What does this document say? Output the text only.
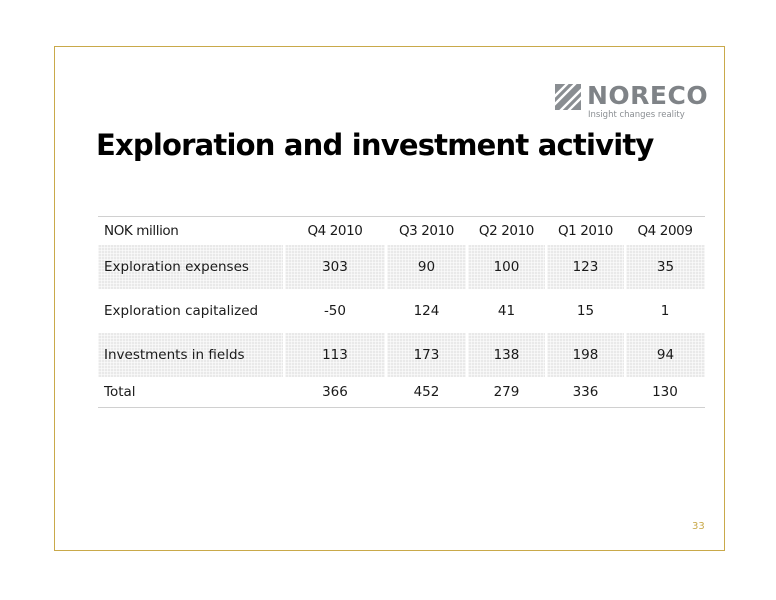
NORECO
Insight changes reality
Exploration and investment activity
NOK million	Q4 2010	Q3 2010	Q2 2010	Q1 2010	Q4 2009
Exploration expenses	303	90	100	123	35
Exploration capitalized	-50	124	41	15	1
Investments in fields	113	173	138	198	94
Total	366	452	279	336	130
33
